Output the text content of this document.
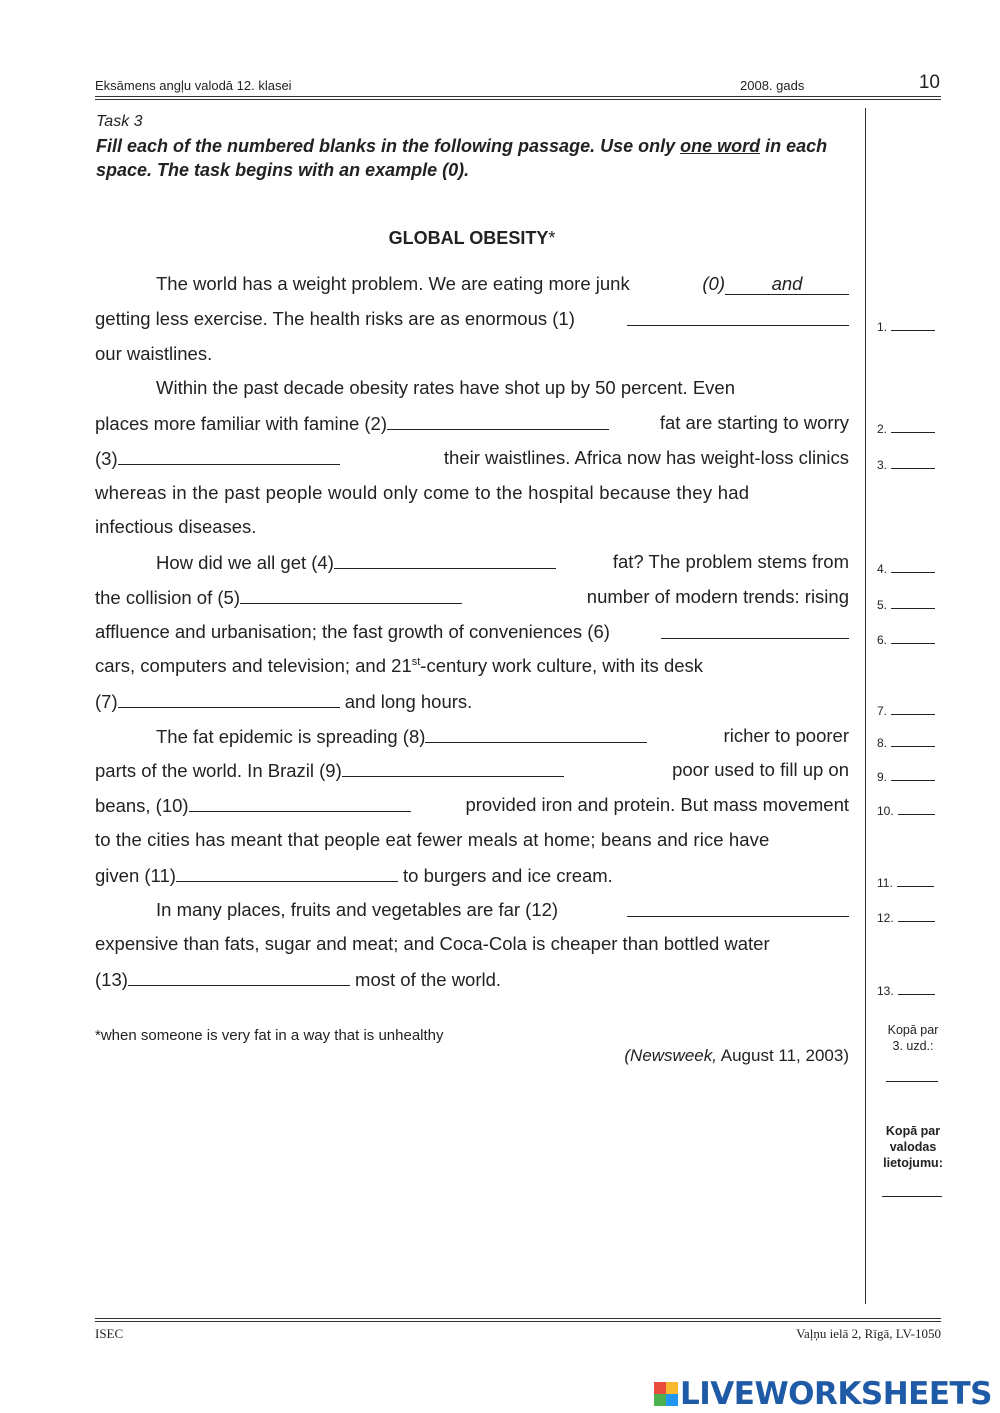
Eksāmens angļu valodā 12. klasei	2008. gads	10
Task 3
Fill each of the numbered blanks in the following passage. Use only one word in each space. The task begins with an example (0).
GLOBAL OBESITY*
The world has a weight problem. We are eating more junk	(0)	and
getting less exercise. The health risks are as enormous (1)
our waistlines.
Within the past decade obesity rates have shot up by 50 percent. Even
places more familiar with famine (2)	fat are starting to worry
(3)	their waistlines. Africa now has weight-loss clinics
whereas in the past people would only come to the hospital because they had
infectious diseases.
How did we all get (4)	fat? The problem stems from
the collision of (5)	number of modern trends: rising
affluence and urbanisation; the fast growth of conveniences (6)
cars, computers and television; and 21st-century work culture, with its desk
(7)	and long hours.
The fat epidemic is spreading (8)	richer to poorer
parts of the world. In Brazil (9)	poor used to fill up on
beans, (10)	provided iron and protein. But mass movement
to the cities has meant that people eat fewer meals at home; beans and rice have
given (11)	to burgers and ice cream.
In many places, fruits and vegetables are far (12)
expensive than fats, sugar and meat; and Coca-Cola is cheaper than bottled water
(13)	most of the world.
*when someone is very fat in a way that is unhealthy
(Newsweek, August 11, 2003)
1.
2.
3.
4.
5.
6.
7.
8.
9.
10.
11.
12.
13.
Kopā par
3. uzd.:
Kopā par
valodas
lietojumu:
ISEC	Vaļņu ielā 2, Rīgā, LV-1050
LIVEWORKSHEETS
